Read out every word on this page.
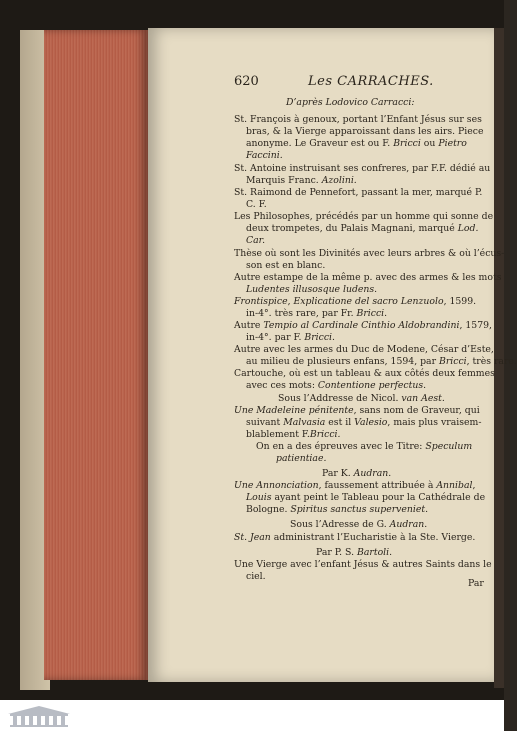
620	Les CARRACHES.
D’après Lodovico Carracci:
St. François à genoux, portant l’Enfant Jésus sur ses
bras, & la Vierge apparoissant dans les airs. Piece
anonyme. Le Graveur est ou F. Bricci ou Pietro
Faccini.
St. Antoine instruisant ses confreres, par F.F. dédié au
Marquis Franc. Azolini.
St. Raimond de Pennefort, passant la mer, marqué P.
C. F.
Les Philosophes, précédés par un homme qui sonne de
deux trompetes, du Palais Magnani, marqué Lod.
Car.
Thèse où sont les Divinités avec leurs arbres & où l’écus-
son est en blanc.
Autre estampe de la même p. avec des armes & les mots
Ludentes illusosque ludens.
Frontispice, Explicatione del sacro Lenzuolo, 1599.
in-4°. très rare, par Fr. Bricci.
Autre Tempio al Cardinale Cinthio Aldobrandini, 1579,
in-4°. par F. Bricci.
Autre avec les armes du Duc de Modene, César d’Este,
au milieu de plusieurs enfans, 1594, par Bricci, très rare.
Cartouche, où est un tableau & aux côtés deux femmes
avec ces mots: Contentione perfectus.
Sous l’Addresse de Nicol. van Aest.
Une Madeleine pénitente, sans nom de Graveur, qui
suivant Malvasia est il Valesio, mais plus vraisem-
blablement F.Bricci.
On en a des épreuves avec le Titre: Speculum
patientiae.
Par K. Audran.
Une Annonciation, faussement attribuée à Annibal,
Louis ayant peint le Tableau pour la Cathédrale de
Bologne. Spiritus sanctus superveniet.
Sous l’Adresse de G. Audran.
St. Jean administrant l’Eucharistie à la Ste. Vierge.
Par P. S. Bartoli.
Une Vierge avec l’enfant Jésus & autres Saints dans le
ciel.
Par
